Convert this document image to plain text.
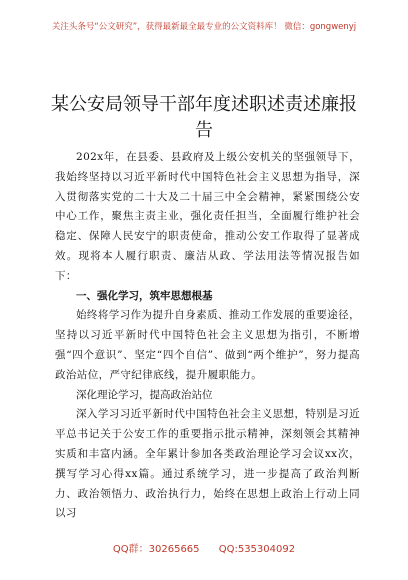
关注头条号“公文研究”，获得最新最全最专业的公文资料库！ 微信：gongwenyj
某公安局领导干部年度述职述责述廉报告

202x年，在县委、县政府及上级公安机关的坚强领导下，我始终坚持以习近平新时代中国特色社会主义思想为指导，深入贯彻落实党的二十大及二十届三中全会精神，紧紧围绕公安中心工作，聚焦主责主业，强化责任担当，全面履行维护社会稳定、保障人民安宁的职责使命，推动公安工作取得了显著成效。现将本人履行职责、廉洁从政、学法用法等情况报告如下：

一、强化学习，筑牢思想根基

始终将学习作为提升自身素质、推动工作发展的重要途径，坚持以习近平新时代中国特色社会主义思想为指引，不断增强“四个意识”、坚定“四个自信”、做到“两个维护”，努力提高政治站位，严守纪律底线，提升履职能力。

深化理论学习，提高政治站位

深入学习习近平新时代中国特色社会主义思想，特别是习近平总书记关于公安工作的重要指示批示精神，深刻领会其精神实质和丰富内涵。全年累计参加各类政治理论学习会议xx次，撰写学习心得xx篇。通过系统学习，进一步提高了政治判断力、政治领悟力、政治执行力，始终在思想上政治上行动上同以习

QQ群：30265665 QQ:535304092
